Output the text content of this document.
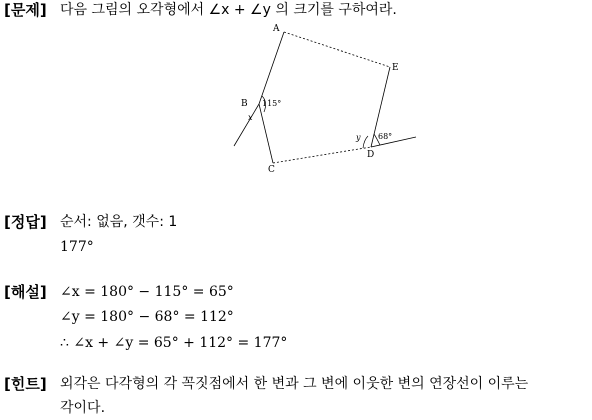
[문제] 다음 그림의 오각형에서 ∠x + ∠y 의 크기를 구하여라.
A
B
C
D
E
115°
x
y 68°
[정답] 순서: 없음, 갯수: 1
177°
[해설] ∠x = 180° − 115° = 65°
∠y = 180° − 68° = 112°
∴ ∠x + ∠y = 65° + 112° = 177°
[힌트] 외각은 다각형의 각 꼭짓점에서 한 변과 그 변에 이웃한 변의 연장선이 이루는
각이다.
